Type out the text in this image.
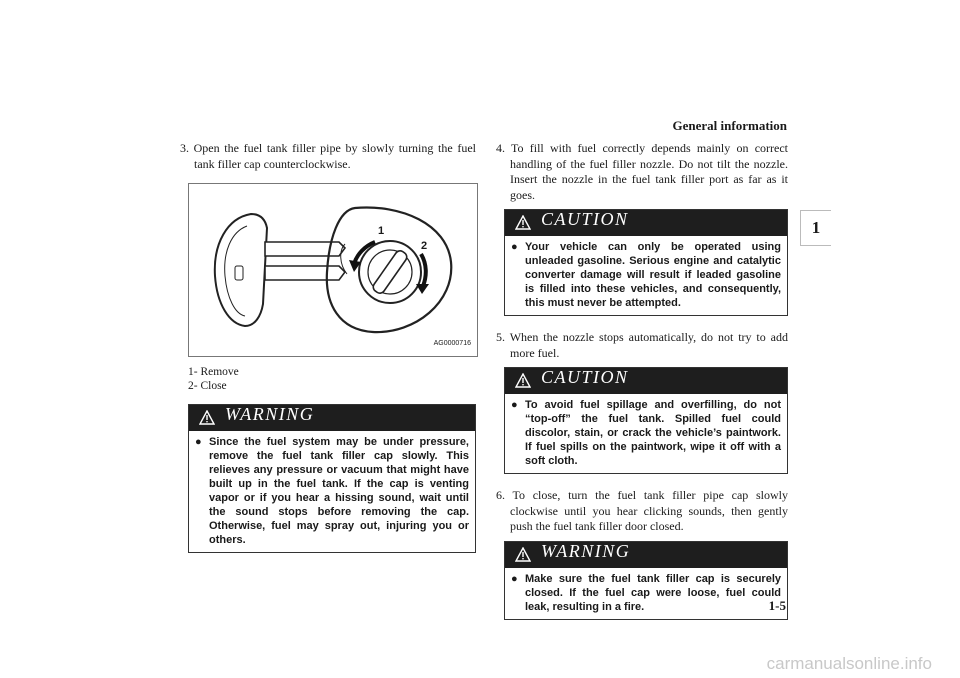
General information
1

3. Open the fuel tank filler pipe by slowly turning the fuel tank filler cap counterclockwise.

1
2
AG0000716
1- Remove
2- Close
WARNING
● Since the fuel system may be under pressure, remove the fuel tank filler cap slowly. This relieves any pressure or vacuum that might have built up in the fuel tank. If the cap is venting vapor or if you hear a hissing sound, wait until the sound stops before removing the cap. Otherwise, fuel may spray out, injuring you or others.

4. To fill with fuel correctly depends mainly on correct handling of the fuel filler nozzle. Do not tilt the nozzle. Insert the nozzle in the fuel tank filler port as far as it goes.

CAUTION
● Your vehicle can only be operated using unleaded gasoline. Serious engine and catalytic converter damage will result if leaded gasoline is filled into these vehicles, and consequently, this must never be attempted.

5. When the nozzle stops automatically, do not try to add more fuel.

CAUTION
● To avoid fuel spillage and overfilling, do not “top-off” the fuel tank. Spilled fuel could discolor, stain, or crack the vehicle’s paintwork. If fuel spills on the paintwork, wipe it off with a soft cloth.

6. To close, turn the fuel tank filler pipe cap slowly clockwise until you hear clicking sounds, then gently push the fuel tank filler door closed.

WARNING
● Make sure the fuel tank filler cap is securely closed. If the fuel cap were loose, fuel could leak, resulting in a fire.	1-5
carmanualsonline.info
